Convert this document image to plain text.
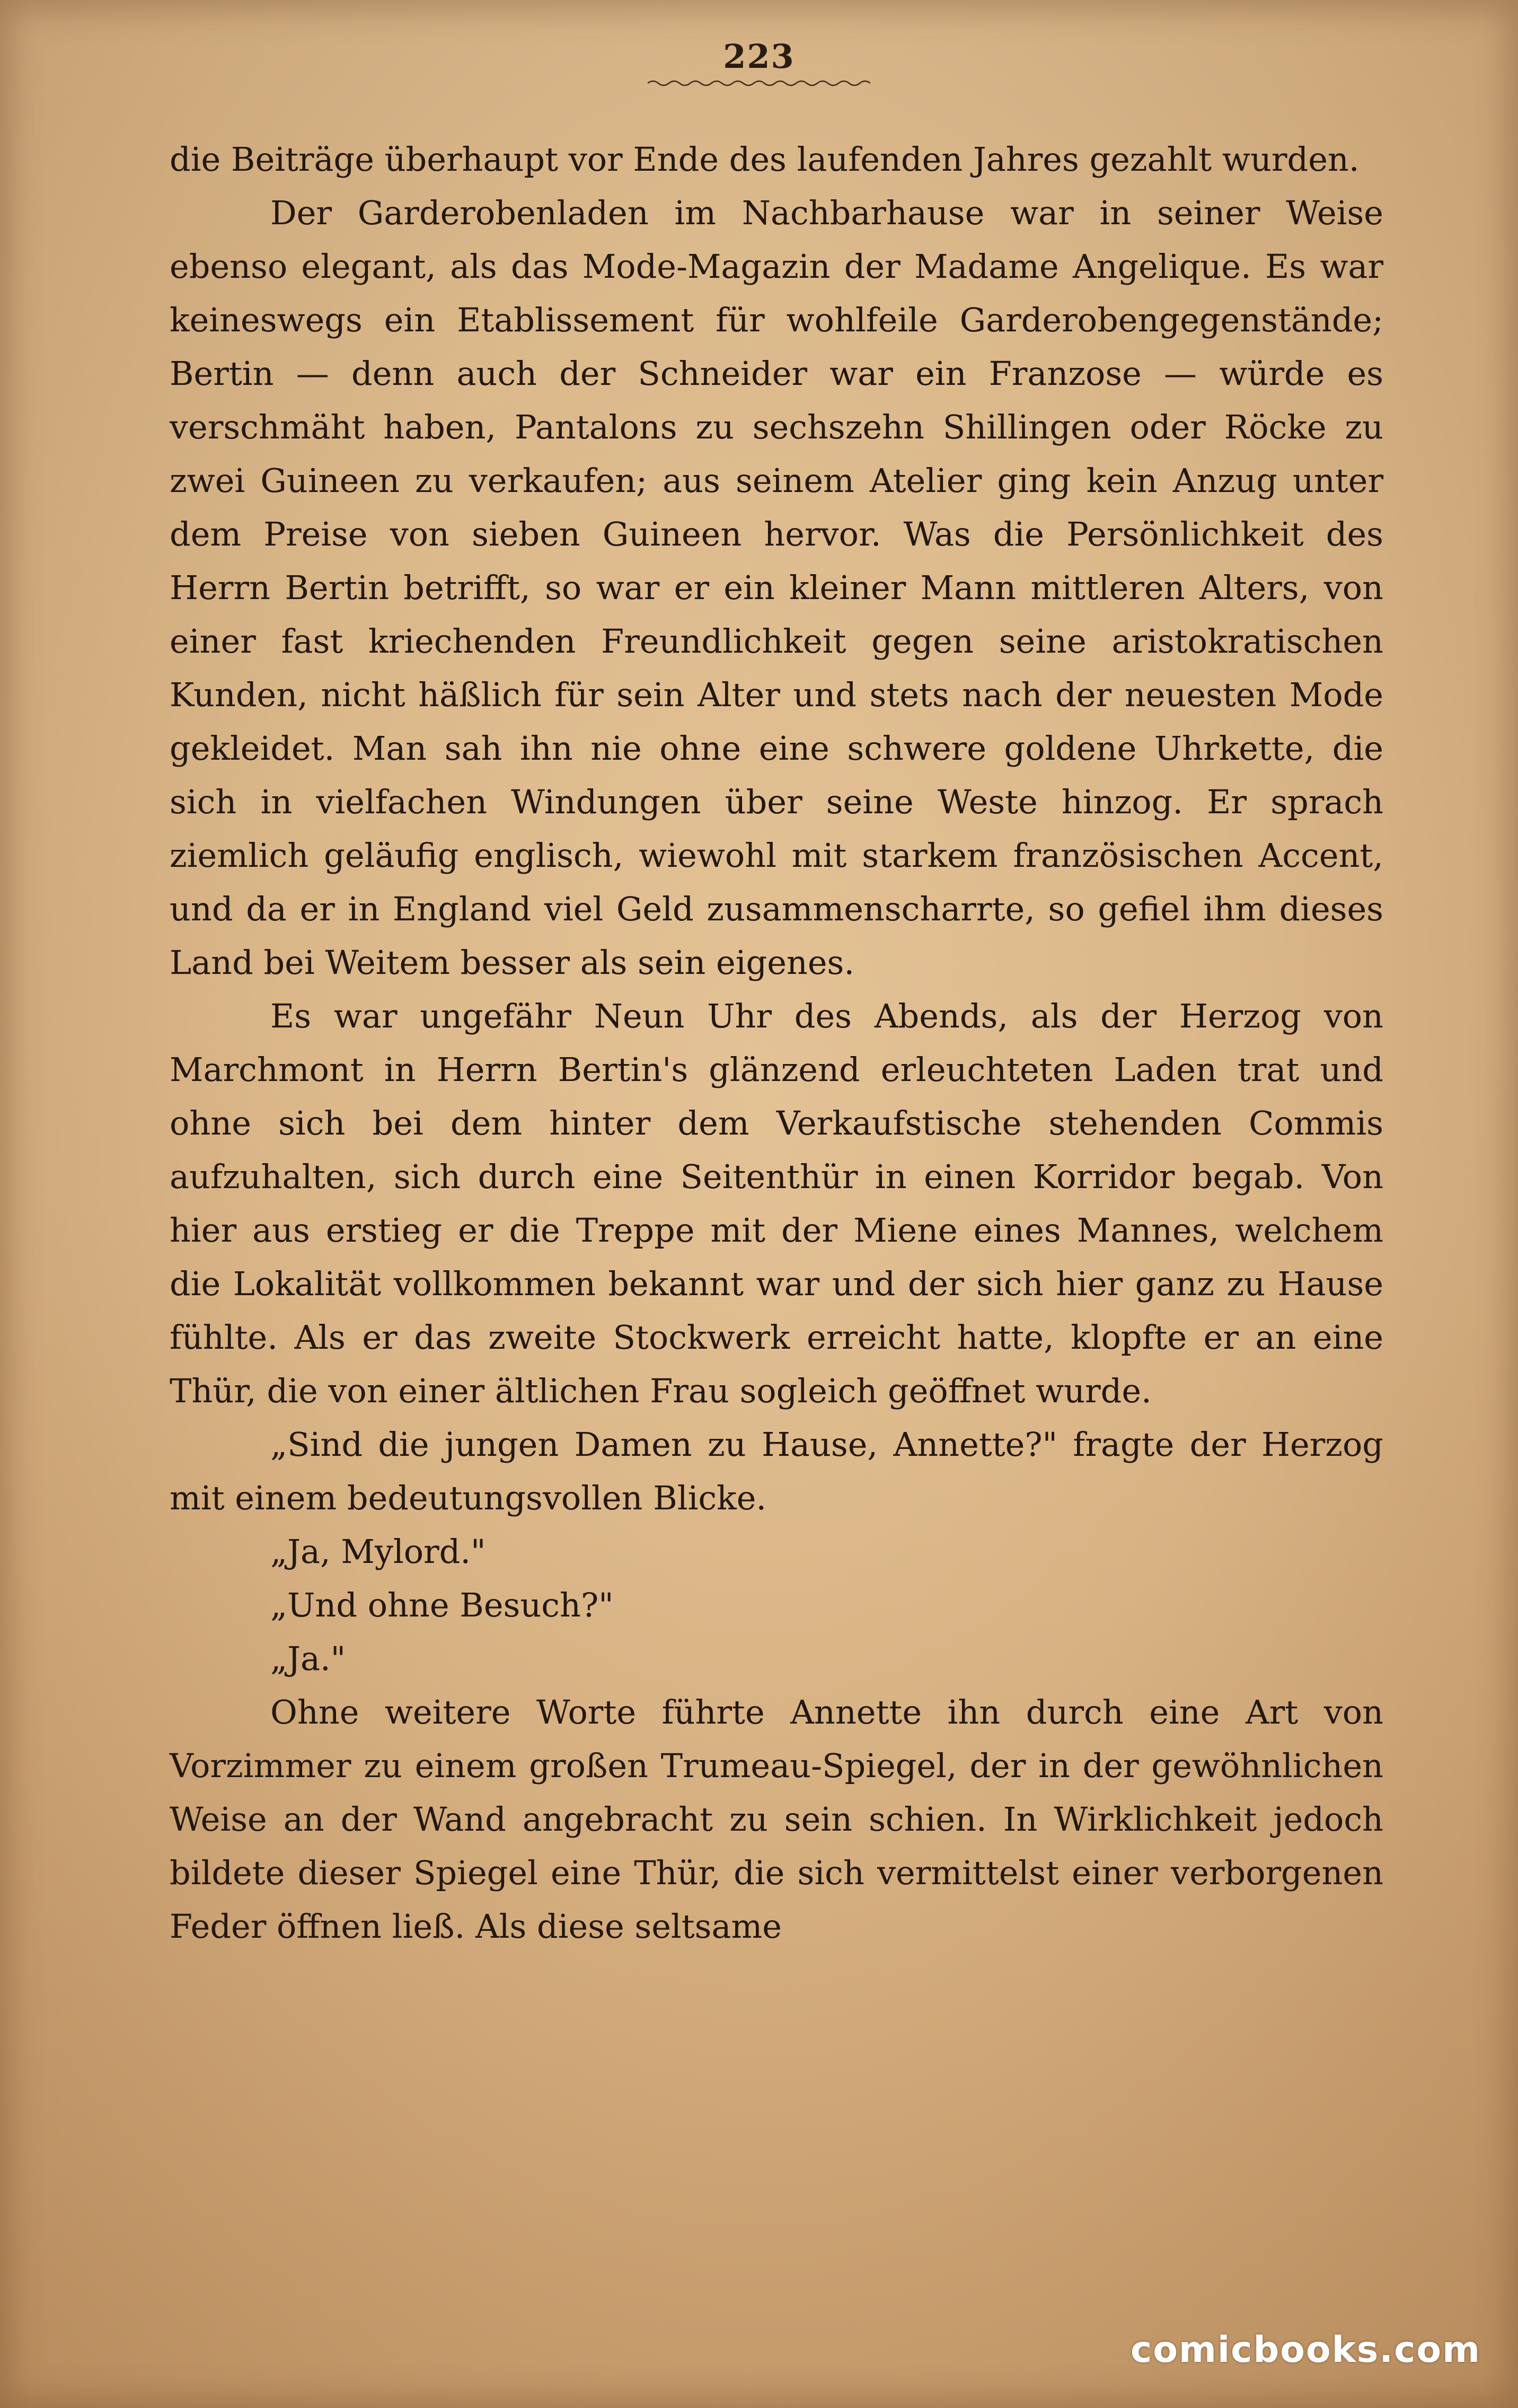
223

die Beiträge überhaupt vor Ende des laufenden Jahres gezahlt wurden.

Der Garderobenladen im Nachbarhause war in seiner Weise ebenso elegant, als das Mode-Magazin der Madame Angelique. Es war keineswegs ein Etablissement für wohlfeile Garderobengegenstände; Bertin — denn auch der Schneider war ein Franzose — würde es verschmäht haben, Pantalons zu sechszehn Shillingen oder Röcke zu zwei Guineen zu verkaufen; aus seinem Atelier ging kein Anzug unter dem Preise von sieben Guineen hervor. Was die Persönlichkeit des Herrn Bertin betrifft, so war er ein kleiner Mann mittleren Alters, von einer fast kriechenden Freundlichkeit gegen seine aristokratischen Kunden, nicht häßlich für sein Alter und stets nach der neuesten Mode gekleidet. Man sah ihn nie ohne eine schwere goldene Uhrkette, die sich in vielfachen Windungen über seine Weste hinzog. Er sprach ziemlich geläufig englisch, wiewohl mit starkem französischen Accent, und da er in England viel Geld zusammenscharrte, so gefiel ihm dieses Land bei Weitem besser als sein eigenes.

Es war ungefähr Neun Uhr des Abends, als der Herzog von Marchmont in Herrn Bertin's glänzend erleuchteten Laden trat und ohne sich bei dem hinter dem Verkaufstische stehenden Commis aufzuhalten, sich durch eine Seitenthür in einen Korridor begab. Von hier aus erstieg er die Treppe mit der Miene eines Mannes, welchem die Lokalität vollkommen bekannt war und der sich hier ganz zu Hause fühlte. Als er das zweite Stockwerk erreicht hatte, klopfte er an eine Thür, die von einer ältlichen Frau sogleich geöffnet wurde.

„Sind die jungen Damen zu Hause, Annette?" fragte der Herzog mit einem bedeutungsvollen Blicke.

„Ja, Mylord."

„Und ohne Besuch?"

„Ja."

Ohne weitere Worte führte Annette ihn durch eine Art von Vorzimmer zu einem großen Trumeau-Spiegel, der in der gewöhnlichen Weise an der Wand angebracht zu sein schien. In Wirklichkeit jedoch bildete dieser Spiegel eine Thür, die sich vermittelst einer verborgenen Feder öffnen ließ. Als diese seltsame

comicbooks.com
